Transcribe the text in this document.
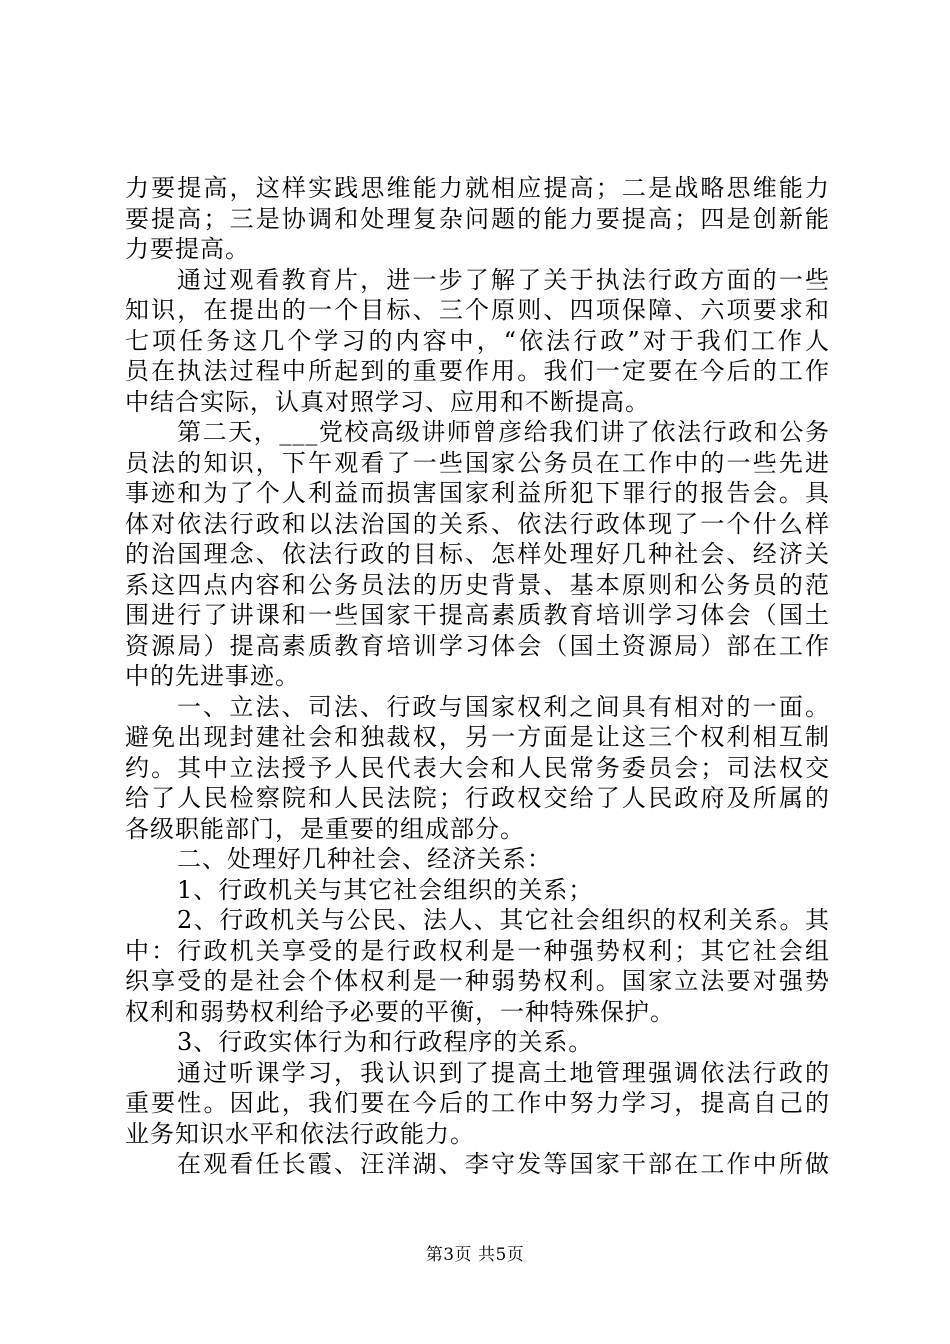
力要提高，这样实践思维能力就相应提高；二是战略思维能力
要提高；三是协调和处理复杂问题的能力要提高；四是创新能
力要提高。
通过观看教育片，进一步了解了关于执法行政方面的一些
知识，在提出的一个目标、三个原则、四项保障、六项要求和
七项任务这几个学习的内容中，“依法行政”对于我们工作人
员在执法过程中所起到的重要作用。我们一定要在今后的工作
中结合实际，认真对照学习、应用和不断提高。
第二天，___党校高级讲师曾彦给我们讲了依法行政和公务
员法的知识，下午观看了一些国家公务员在工作中的一些先进
事迹和为了个人利益而损害国家利益所犯下罪行的报告会。具
体对依法行政和以法治国的关系、依法行政体现了一个什么样
的治国理念、依法行政的目标、怎样处理好几种社会、经济关
系这四点内容和公务员法的历史背景、基本原则和公务员的范
围进行了讲课和一些国家干提高素质教育培训学习体会（国土
资源局）提高素质教育培训学习体会（国土资源局）部在工作
中的先进事迹。
一、立法、司法、行政与国家权利之间具有相对的一面。
避免出现封建社会和独裁权，另一方面是让这三个权利相互制
约。其中立法授予人民代表大会和人民常务委员会；司法权交
给了人民检察院和人民法院；行政权交给了人民政府及所属的
各级职能部门，是重要的组成部分。
二、处理好几种社会、经济关系：
1、行政机关与其它社会组织的关系；
2、行政机关与公民、法人、其它社会组织的权利关系。其
中：行政机关享受的是行政权利是一种强势权利；其它社会组
织享受的是社会个体权利是一种弱势权利。国家立法要对强势
权利和弱势权利给予必要的平衡，一种特殊保护。
3、行政实体行为和行政程序的关系。
通过听课学习，我认识到了提高土地管理强调依法行政的
重要性。因此，我们要在今后的工作中努力学习，提高自己的
业务知识水平和依法行政能力。
在观看任长霞、汪洋湖、李守发等国家干部在工作中所做
第3页 共5页
